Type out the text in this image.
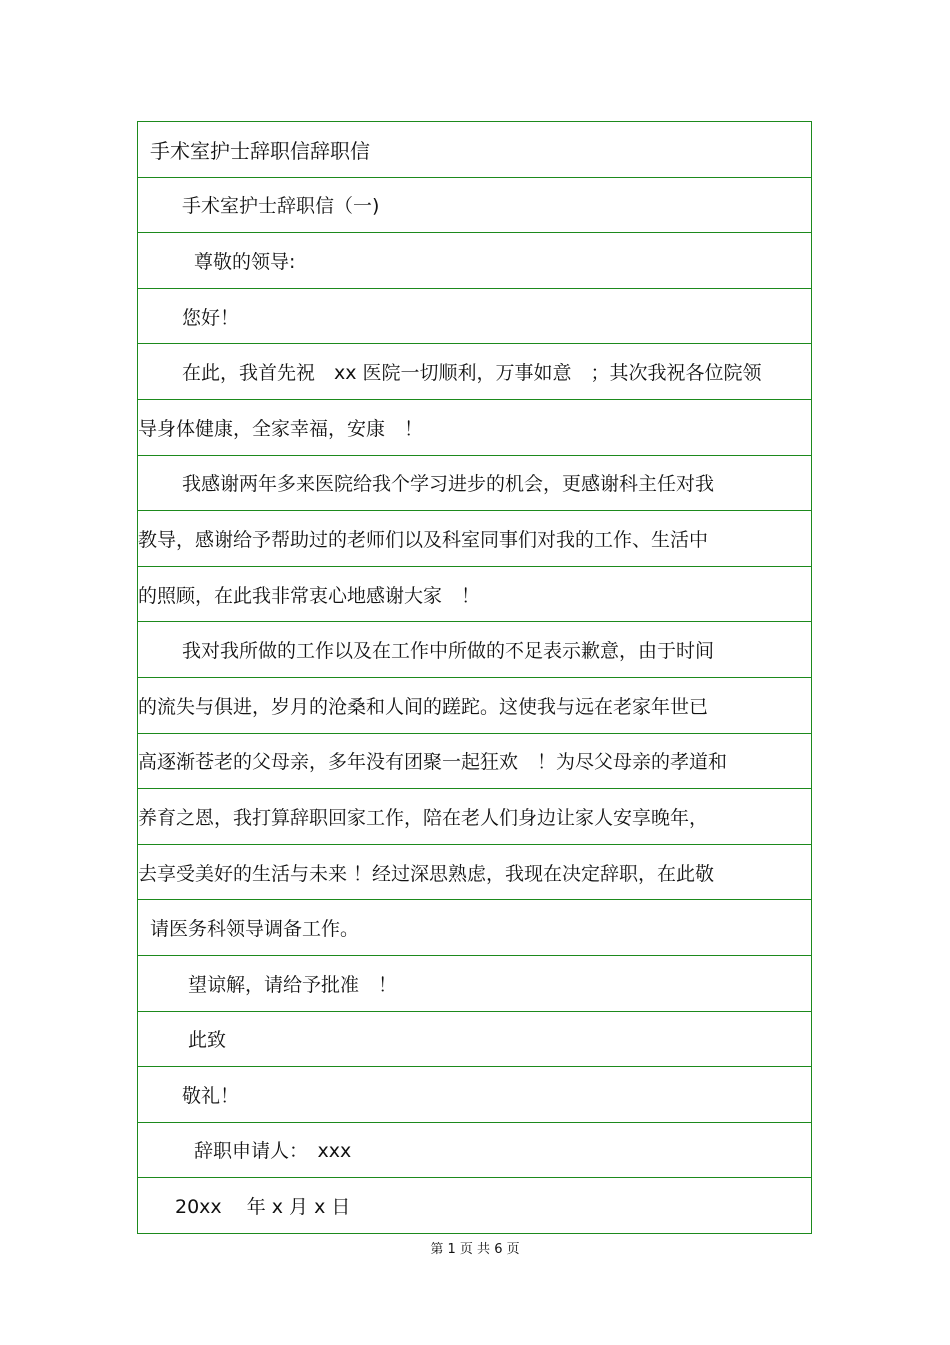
手术室护士辞职信辞职信
手术室护士辞职信（一)
尊敬的领导:
您好！
在此，我首先祝　xx 医院一切顺利，万事如意　；其次我祝各位院领
导身体健康，全家幸福，安康　！
我感谢两年多来医院给我个学习进步的机会，更感谢科主任对我
教导，感谢给予帮助过的老师们以及科室同事们对我的工作、生活中
的照顾，在此我非常衷心地感谢大家　！
我对我所做的工作以及在工作中所做的不足表示歉意，由于时间
的流失与俱进，岁月的沧桑和人间的蹉跎。这使我与远在老家年世已
高逐渐苍老的父母亲，多年没有团聚一起狂欢　！为尽父母亲的孝道和
养育之恩，我打算辞职回家工作，陪在老人们身边让家人安享晚年，
去享受美好的生活与未来 ！经过深思熟虑，我现在决定辞职，在此敬
请医务科领导调备工作。
望谅解，请给予批准　！
此致
敬礼！
辞职申请人：　xxx
20xx　 年 x 月 x 日
第 1 页 共 6 页
